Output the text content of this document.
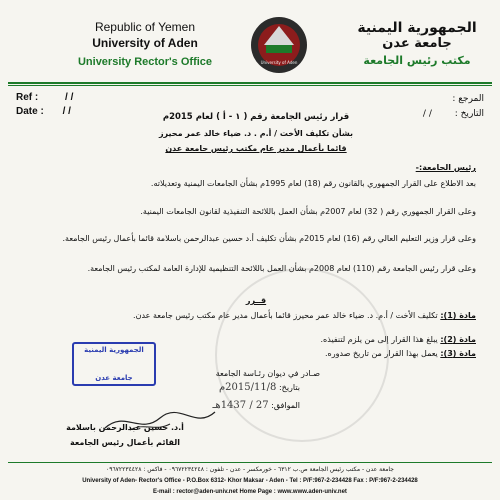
Republic of Yemen
University of Aden
University Rector's Office	University of Aden
الجمهورية اليمنية
جامعة عدن
مكتب رئيس الجامعة
Ref :	/ /
Date : / /
المرجع :
التاريخ : / /
قرار رئيس الجامعة رقم ( ١ - أ ) لعام 2015م
بشأن تكليف الأخت / أ.م . د. ضياء خالد عمر محيرز
قائما بأعمال مدير عام مكتب رئيس جامعة عدن
رئيس الجامعة:-
بعد الاطلاع على القرار الجمهوري بالقانون رقم (18) لعام 1995م بشأن الجامعات اليمنية وتعديلاته.
وعلى القرار الجمهوري رقم ( 32) لعام 2007م بشأن العمل باللائحة التنفيذية لقانون الجامعات اليمنية.
وعلى قرار وزير التعليم العالي رقم (16) لعام 2015م بشأن تكليف أ.د حسين عبدالرحمن باسلامة قائما بأعمال رئيس الجامعة.
وعلى قرار رئيس الجامعة رقم (110) لعام 2008م بشأن العمل باللائحة التنظيمية للإدارة العامة لمكتب رئيس الجامعة.
قــرر
مادة (1): تكليف الأخت / أ.م. د. ضياء خالد عمر محيرز قائما بأعمال مدير عام مكتب رئيس جامعة عدن.
مادة (2): يبلغ هذا القرار إلى من يلزم لتنفيذه.
مادة (3): يعمل بهذا القرار من تاريخ صدوره.
الجمهورية اليمنية
جامعة عدن	صـادر في ديوان رئـاسة الجامعة
بتاريخ: 2015/11/8م
الموافق: 27 / 1437هـ
أ.د. حسين عبدالرحمن باسلامة
القائم بأعمال رئيس الجامعة
جامعة عدن - مكتب رئيس الجامعة ص.ب ٦٣١٢ - خورمكسر - عدن - تلفون : ٠٩٦٧٢٢٣٤٢٤٨ - فاكس : ٠٩٦٧٢٢٣٤٤٢٨
University of Aden- Rector's Office - P.O.Box 6312- Khor Maksar - Aden - Tel : P/F:967-2-234428 Fax : P/F:967-2-234428
E-mail : rector@aden-univ.net Home Page : www.www.aden-univ.net
